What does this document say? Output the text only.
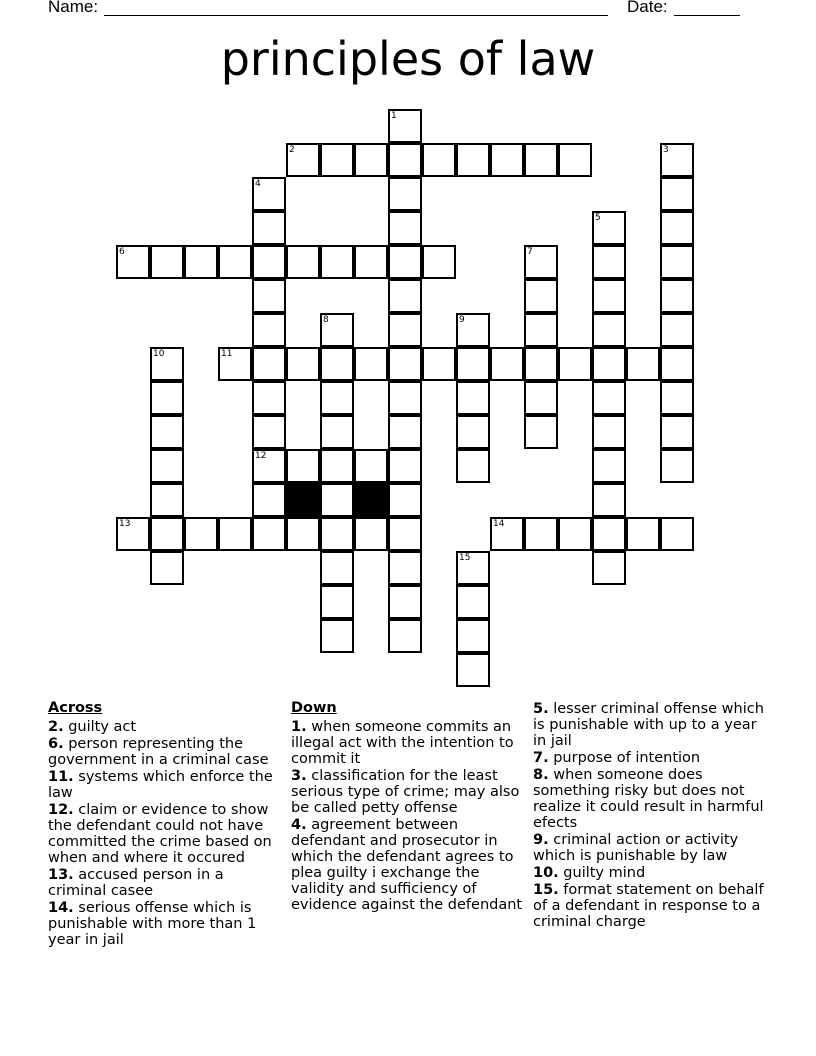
Name:	Date:
principles of law
1
2	3
4
5
6	7
8	9
10	11
12
13	14
15
Across
2. guilty act
6. person representing the government in a criminal case
11. systems which enforce the law
12. claim or evidence to show the defendant could not have committed the crime based on when and where it occured
13. accused person in a criminal casee
14. serious offense which is punishable with more than 1 year in jail
Down
1. when someone commits an illegal act with the intention to commit it
3. classification for the least serious type of crime; may also be called petty offense
4. agreement between defendant and prosecutor in which the defendant agrees to plea guilty i exchange the validity and sufficiency of evidence against the defendant
5. lesser criminal offense which is punishable with up to a year in jail
7. purpose of intention
8. when someone does something risky but does not realize it could result in harmful efects
9. criminal action or activity which is punishable by law
10. guilty mind
15. format statement on behalf of a defendant in response to a criminal charge
